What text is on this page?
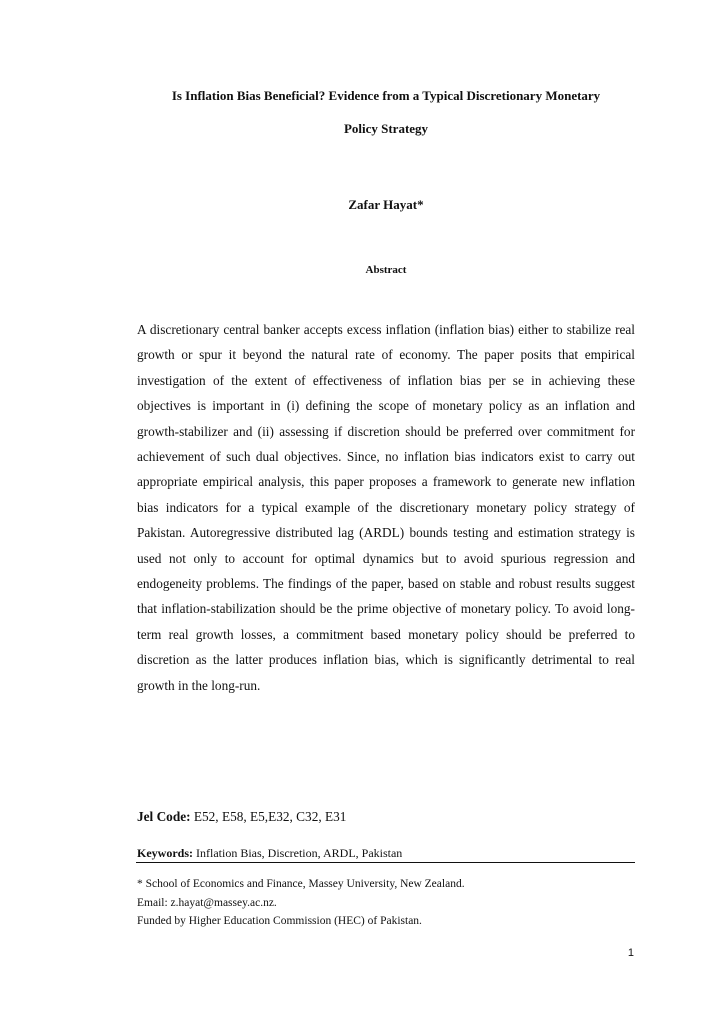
Is Inflation Bias Beneficial? Evidence from a Typical Discretionary Monetary
Policy Strategy
Zafar Hayat*
Abstract

A discretionary central banker accepts excess inflation (inflation bias) either to stabilize real growth or spur it beyond the natural rate of economy. The paper posits that empirical investigation of the extent of effectiveness of inflation bias per se in achieving these objectives is important in (i) defining the scope of monetary policy as an inflation and growth-stabilizer and (ii) assessing if discretion should be preferred over commitment for achievement of such dual objectives. Since, no inflation bias indicators exist to carry out appropriate empirical analysis, this paper proposes a framework to generate new inflation bias indicators for a typical example of the discretionary monetary policy strategy of Pakistan. Autoregressive distributed lag (ARDL) bounds testing and estimation strategy is used not only to account for optimal dynamics but to avoid spurious regression and endogeneity problems. The findings of the paper, based on stable and robust results suggest that inflation-stabilization should be the prime objective of monetary policy. To avoid long-term real growth losses, a commitment based monetary policy should be preferred to discretion as the latter produces inflation bias, which is significantly detrimental to real growth in the long-run.

Jel Code: E52, E58, E5,E32, C32, E31
Keywords: Inflation Bias, Discretion, ARDL, Pakistan
* School of Economics and Finance, Massey University, New Zealand.
Email: z.hayat@massey.ac.nz.
Funded by Higher Education Commission (HEC) of Pakistan.
1
